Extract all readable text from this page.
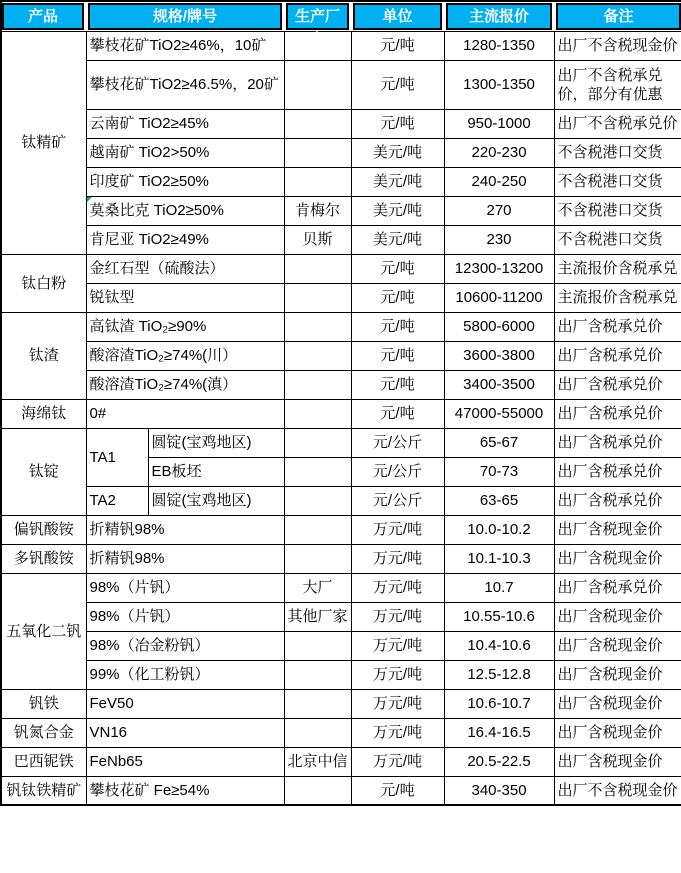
产品	规格/牌号		生产厂家	单位	主流报价	备注

钛精矿	攀枝花矿TiO2≥46%，10矿			元/吨	1280-1350	出厂不含税现金价
	攀枝花矿TiO2≥46.5%，20矿			元/吨	1300-1350	出厂不含税承兑价，部分有优惠
	云南矿 TiO2≥45%			元/吨	950-1000	出厂不含税承兑价
	越南矿 TiO2>50%			美元/吨	220-230	不含税港口交货
	印度矿 TiO2≥50%			美元/吨	240-250	不含税港口交货
	莫桑比克 TiO2≥50%		肯梅尔	美元/吨	270	不含税港口交货
	肯尼亚 TiO2≥49%		贝斯	美元/吨	230	不含税港口交货
钛白粉	金红石型（硫酸法）			元/吨	12300-13200	主流报价含税承兑
	锐钛型			元/吨	10600-11200	主流报价含税承兑
钛渣	高钛渣 TiO₂≥90%			元/吨	5800-6000	出厂含税承兑价
	酸溶渣TiO₂≥74%(川）			元/吨	3600-3800	出厂含税承兑价
	酸溶渣TiO₂≥74%(滇）			元/吨	3400-3500	出厂含税承兑价
海绵钛	0#			元/吨	47000-55000	出厂含税承兑价
钛锭	TA1	圆锭(宝鸡地区)		元/公斤	65-67	出厂含税承兑价
		EB板坯		元/公斤	70-73	出厂含税承兑价
	TA2	圆锭(宝鸡地区)		元/公斤	63-65	出厂含税承兑价
偏钒酸铵	折精钒98%			万元/吨	10.0-10.2	出厂含税现金价
多钒酸铵	折精钒98%			万元/吨	10.1-10.3	出厂含税现金价
五氧化二钒	98%（片钒）		大厂	万元/吨	10.7	出厂含税承兑价
	98%（片钒）		其他厂家	万元/吨	10.55-10.6	出厂含税现金价
	98%（冶金粉钒）			万元/吨	10.4-10.6	出厂含税现金价
	99%（化工粉钒）			万元/吨	12.5-12.8	出厂含税现金价
钒铁	FeV50			万元/吨	10.6-10.7	出厂含税现金价
钒氮合金	VN16			万元/吨	16.4-16.5	出厂含税现金价
巴西铌铁	FeNb65		北京中信	万元/吨	20.5-22.5	出厂含税现金价
钒钛铁精矿	攀枝花矿 Fe≥54%			元/吨	340-350	出厂不含税现金价
